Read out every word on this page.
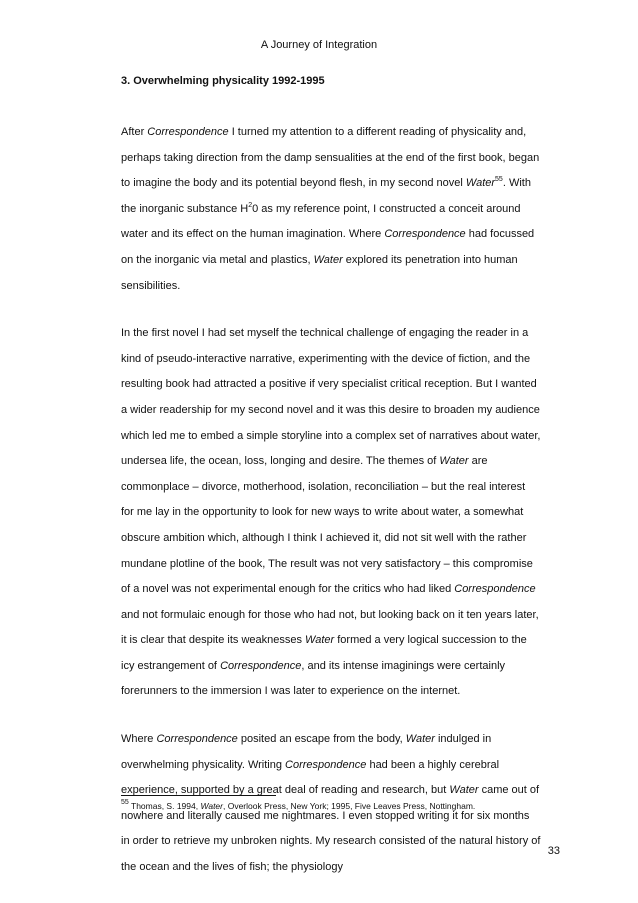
A Journey of Integration
3. Overwhelming physicality 1992-1995

After Correspondence I turned my attention to a different reading of physicality and, perhaps taking direction from the damp sensualities at the end of the first book, began to imagine the body and its potential beyond flesh, in my second novel Water$^{55}$. With the inorganic substance $H^20$ as my reference point, I constructed a conceit around water and its effect on the human imagination. Where Correspondence had focussed on the inorganic via metal and plastics, Water explored its penetration into human sensibilities.

In the first novel I had set myself the technical challenge of engaging the reader in a kind of pseudo-interactive narrative, experimenting with the device of fiction, and the resulting book had attracted a positive if very specialist critical reception. But I wanted a wider readership for my second novel and it was this desire to broaden my audience which led me to embed a simple storyline into a complex set of narratives about water, undersea life, the ocean, loss, longing and desire. The themes of Water are commonplace – divorce, motherhood, isolation, reconciliation – but the real interest for me lay in the opportunity to look for new ways to write about water, a somewhat obscure ambition which, although I think I achieved it, did not sit well with the rather mundane plotline of the book, The result was not very satisfactory – this compromise of a novel was not experimental enough for the critics who had liked Correspondence and not formulaic enough for those who had not, but looking back on it ten years later, it is clear that despite its weaknesses Water formed a very logical succession to the icy estrangement of Correspondence, and its intense imaginings were certainly forerunners to the immersion I was later to experience on the internet.

Where Correspondence posited an escape from the body, Water indulged in overwhelming physicality. Writing Correspondence had been a highly cerebral experience, supported by a great deal of reading and research, but Water came out of nowhere and literally caused me nightmares. I even stopped writing it for six months in order to retrieve my unbroken nights. My research consisted of the natural history of the ocean and the lives of fish; the physiology

$^{55}$ Thomas, S. 1994, Water, Overlook Press, New York; 1995, Five Leaves Press, Nottingham.
33
